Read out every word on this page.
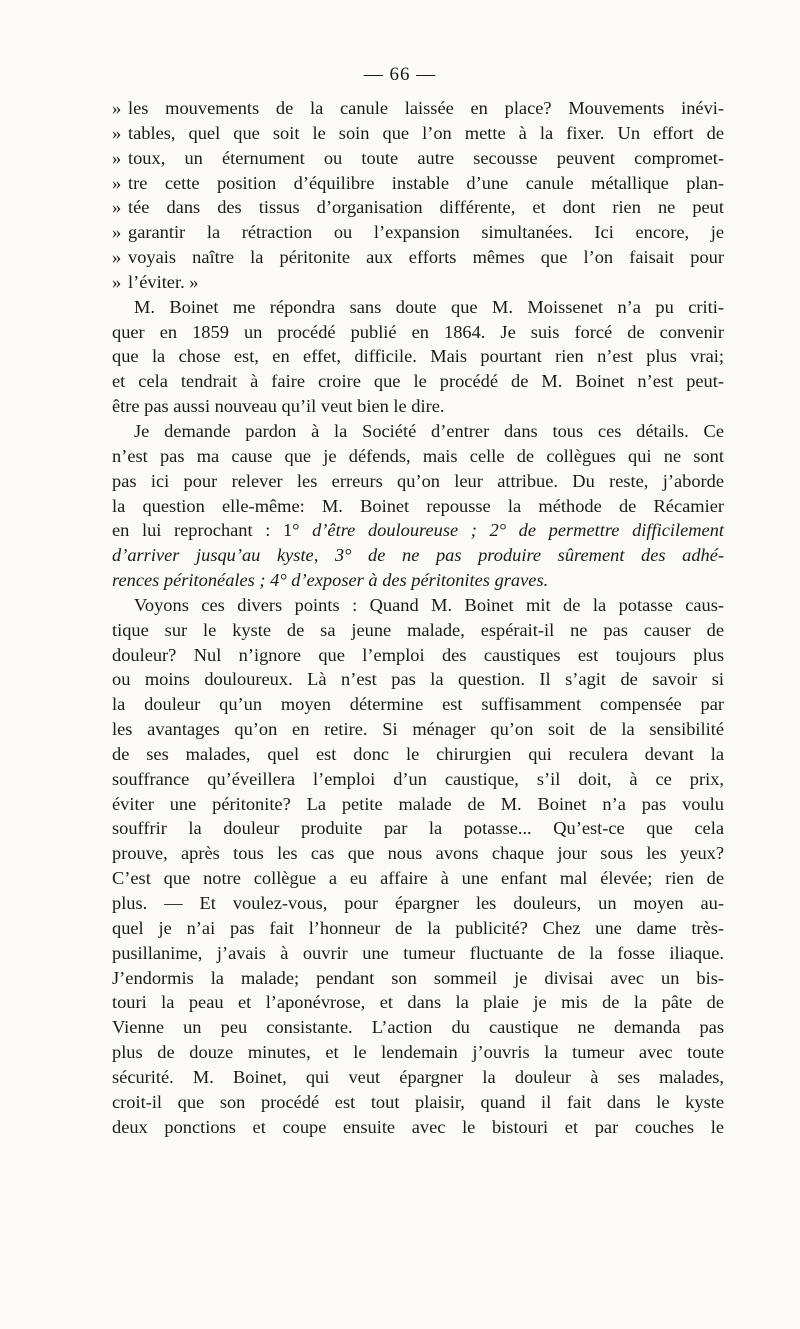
— 66 —
» les mouvements de la canule laissée en place? Mouvements inévi-
» tables, quel que soit le soin que l’on mette à la fixer. Un effort de
» toux, un éternument ou toute autre secousse peuvent compromet-
» tre cette position d’équilibre instable d’une canule métallique plan-
» tée dans des tissus d’organisation différente, et dont rien ne peut
» garantir la rétraction ou l’expansion simultanées. Ici encore, je
» voyais naître la péritonite aux efforts mêmes que l’on faisait pour
» l’éviter. »
M. Boinet me répondra sans doute que M. Moissenet n’a pu criti-
quer en 1859 un procédé publié en 1864. Je suis forcé de convenir
que la chose est, en effet, difficile. Mais pourtant rien n’est plus vrai;
et cela tendrait à faire croire que le procédé de M. Boinet n’est peut-
être pas aussi nouveau qu’il veut bien le dire.
Je demande pardon à la Société d’entrer dans tous ces détails. Ce
n’est pas ma cause que je défends, mais celle de collègues qui ne sont
pas ici pour relever les erreurs qu’on leur attribue. Du reste, j’aborde
la question elle-même: M. Boinet repousse la méthode de Récamier
en lui reprochant : 1° d’être douloureuse ; 2° de permettre difficilement
d’arriver jusqu’au kyste, 3° de ne pas produire sûrement des adhé-
rences péritonéales ; 4° d’exposer à des péritonites graves.
Voyons ces divers points : Quand M. Boinet mit de la potasse caus-
tique sur le kyste de sa jeune malade, espérait-il ne pas causer de
douleur? Nul n’ignore que l’emploi des caustiques est toujours plus
ou moins douloureux. Là n’est pas la question. Il s’agit de savoir si
la douleur qu’un moyen détermine est suffisamment compensée par
les avantages qu’on en retire. Si ménager qu’on soit de la sensibilité
de ses malades, quel est donc le chirurgien qui reculera devant la
souffrance qu’éveillera l’emploi d’un caustique, s’il doit, à ce prix,
éviter une péritonite? La petite malade de M. Boinet n’a pas voulu
souffrir la douleur produite par la potasse... Qu’est-ce que cela
prouve, après tous les cas que nous avons chaque jour sous les yeux?
C’est que notre collègue a eu affaire à une enfant mal élevée; rien de
plus. — Et voulez-vous, pour épargner les douleurs, un moyen au-
quel je n’ai pas fait l’honneur de la publicité? Chez une dame très-
pusillanime, j’avais à ouvrir une tumeur fluctuante de la fosse iliaque.
J’endormis la malade; pendant son sommeil je divisai avec un bis-
touri la peau et l’aponévrose, et dans la plaie je mis de la pâte de
Vienne un peu consistante. L’action du caustique ne demanda pas
plus de douze minutes, et le lendemain j’ouvris la tumeur avec toute
sécurité. M. Boinet, qui veut épargner la douleur à ses malades,
croit-il que son procédé est tout plaisir, quand il fait dans le kyste
deux ponctions et coupe ensuite avec le bistouri et par couches le
